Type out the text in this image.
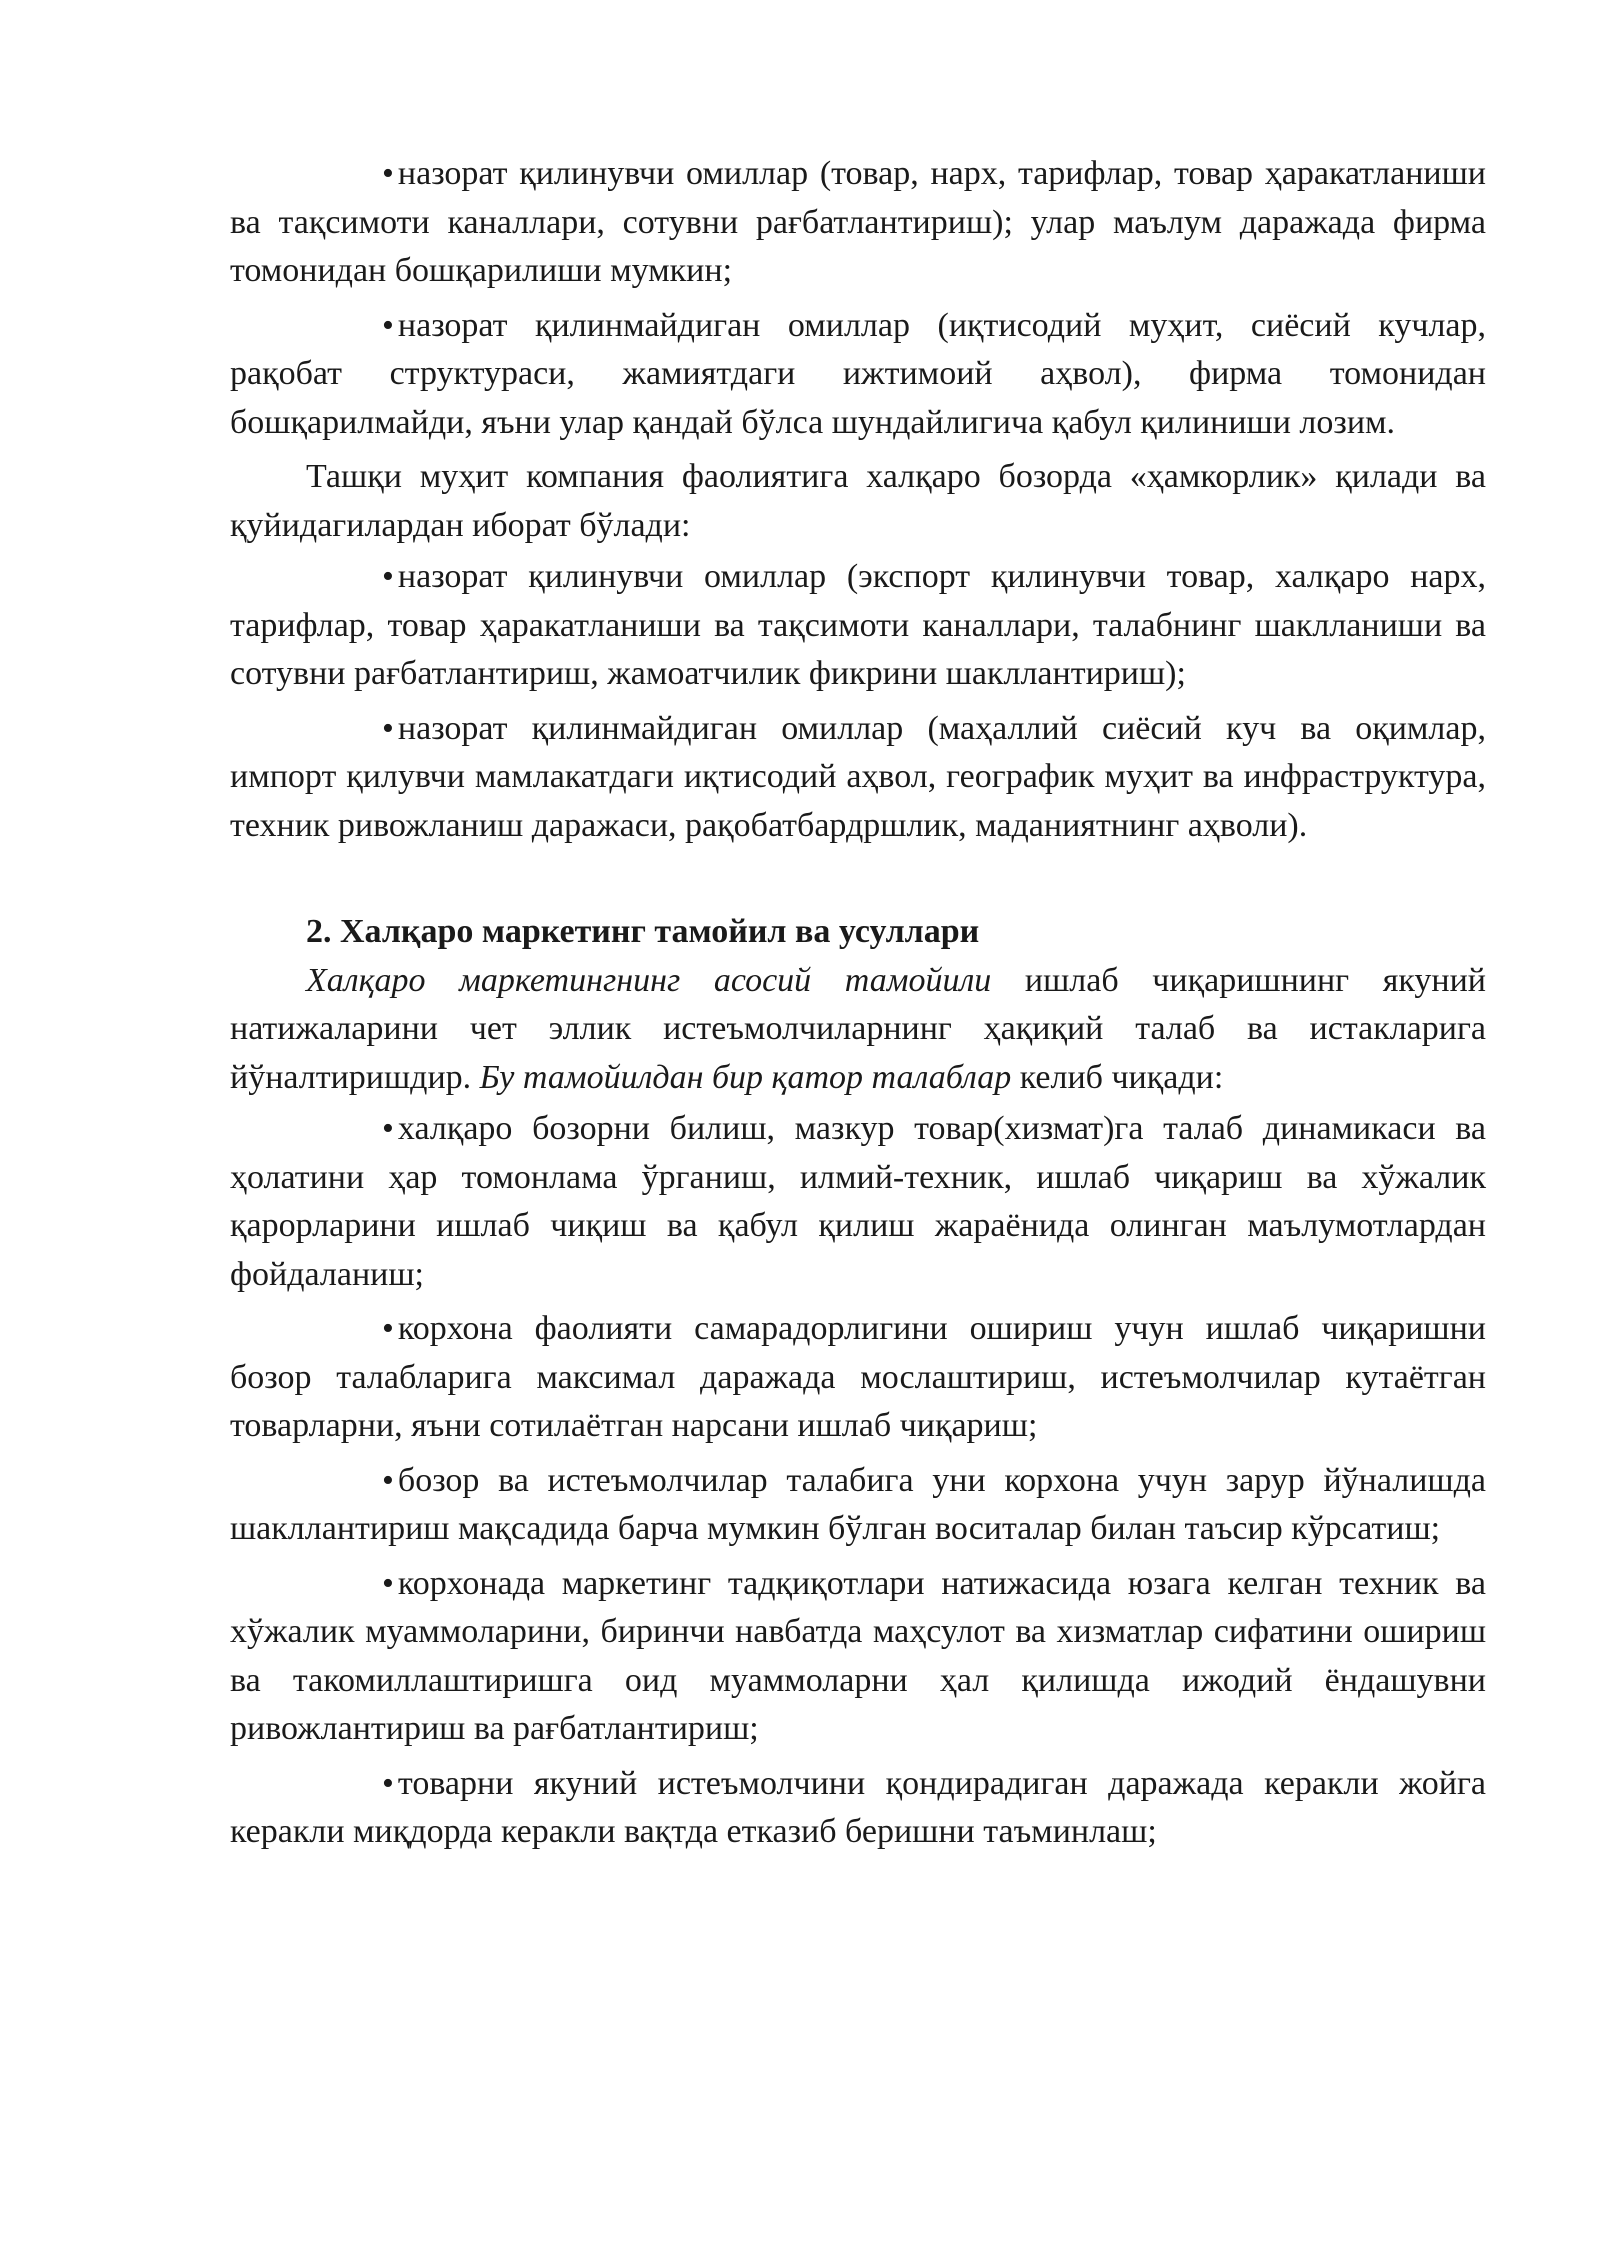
• назорат қилинувчи омиллар (товар, нарх, тарифлар, товар ҳаракатланиши ва тақсимоти каналлари, сотувни рағбатлантириш); улар маълум даражада фирма томонидан бошқарилиши мумкин;

• назорат қилинмайдиган омиллар (иқтисодий муҳит, сиёсий кучлар, рақобат структураси, жамиятдаги ижтимоий аҳвол), фирма томонидан бошқарилмайди, яъни улар қандай бўлса шундайлигича қабул қилиниши лозим.

Ташқи муҳит компания фаолиятига халқаро бозорда «ҳамкорлик» қилади ва қуйидагилардан иборат бўлади:

• назорат қилинувчи омиллар (экспорт қилинувчи товар, халқаро нарх, тарифлар, товар ҳаракатланиши ва тақсимоти каналлари, талабнинг шаклланиши ва сотувни рағбатлантириш, жамоатчилик фикрини шакллантириш);

• назорат қилинмайдиган омиллар (маҳаллий сиёсий куч ва оқимлар, импорт қилувчи мамлакатдаги иқтисодий аҳвол, географик муҳит ва инфраструктура, техник ривожланиш даражаси, рақобатбардршлик, маданиятнинг аҳволи).

2. Халқаро маркетинг тамойил ва усуллари

Халқаро маркетингнинг асосий тамойили ишлаб чиқаришнинг якуний натижаларини чет эллик истеъмолчиларнинг ҳақиқий талаб ва истакларига йўналтиришдир. Бу тамойилдан бир қатор талаблар келиб чиқади:

• халқаро бозорни билиш, мазкур товар(хизмат)га талаб динамикаси ва ҳолатини ҳар томонлама ўрганиш, илмий-техник, ишлаб чиқариш ва хўжалик қарорларини ишлаб чиқиш ва қабул қилиш жараёнида олинган маълумотлардан фойдаланиш;

• корхона фаолияти самарадорлигини ошириш учун ишлаб чиқаришни бозор талабларига максимал даражада мослаштириш, истеъмолчилар кутаётган товарларни, яъни сотилаётган нарсани ишлаб чиқариш;

• бозор ва истеъмолчилар талабига уни корхона учун зарур йўналишда шакллантириш мақсадида барча мумкин бўлган воситалар билан таъсир кўрсатиш;

• корхонада маркетинг тадқиқотлари натижасида юзага келган техник ва хўжалик муаммоларини, биринчи навбатда маҳсулот ва хизматлар сифатини ошириш ва такомиллаштиришга оид муаммоларни ҳал қилишда ижодий ёндашувни ривожлантириш ва рағбатлантириш;

• товарни якуний истеъмолчини қондирадиган даражада керакли жойга керакли миқдорда керакли вақтда етказиб беришни таъминлаш;
